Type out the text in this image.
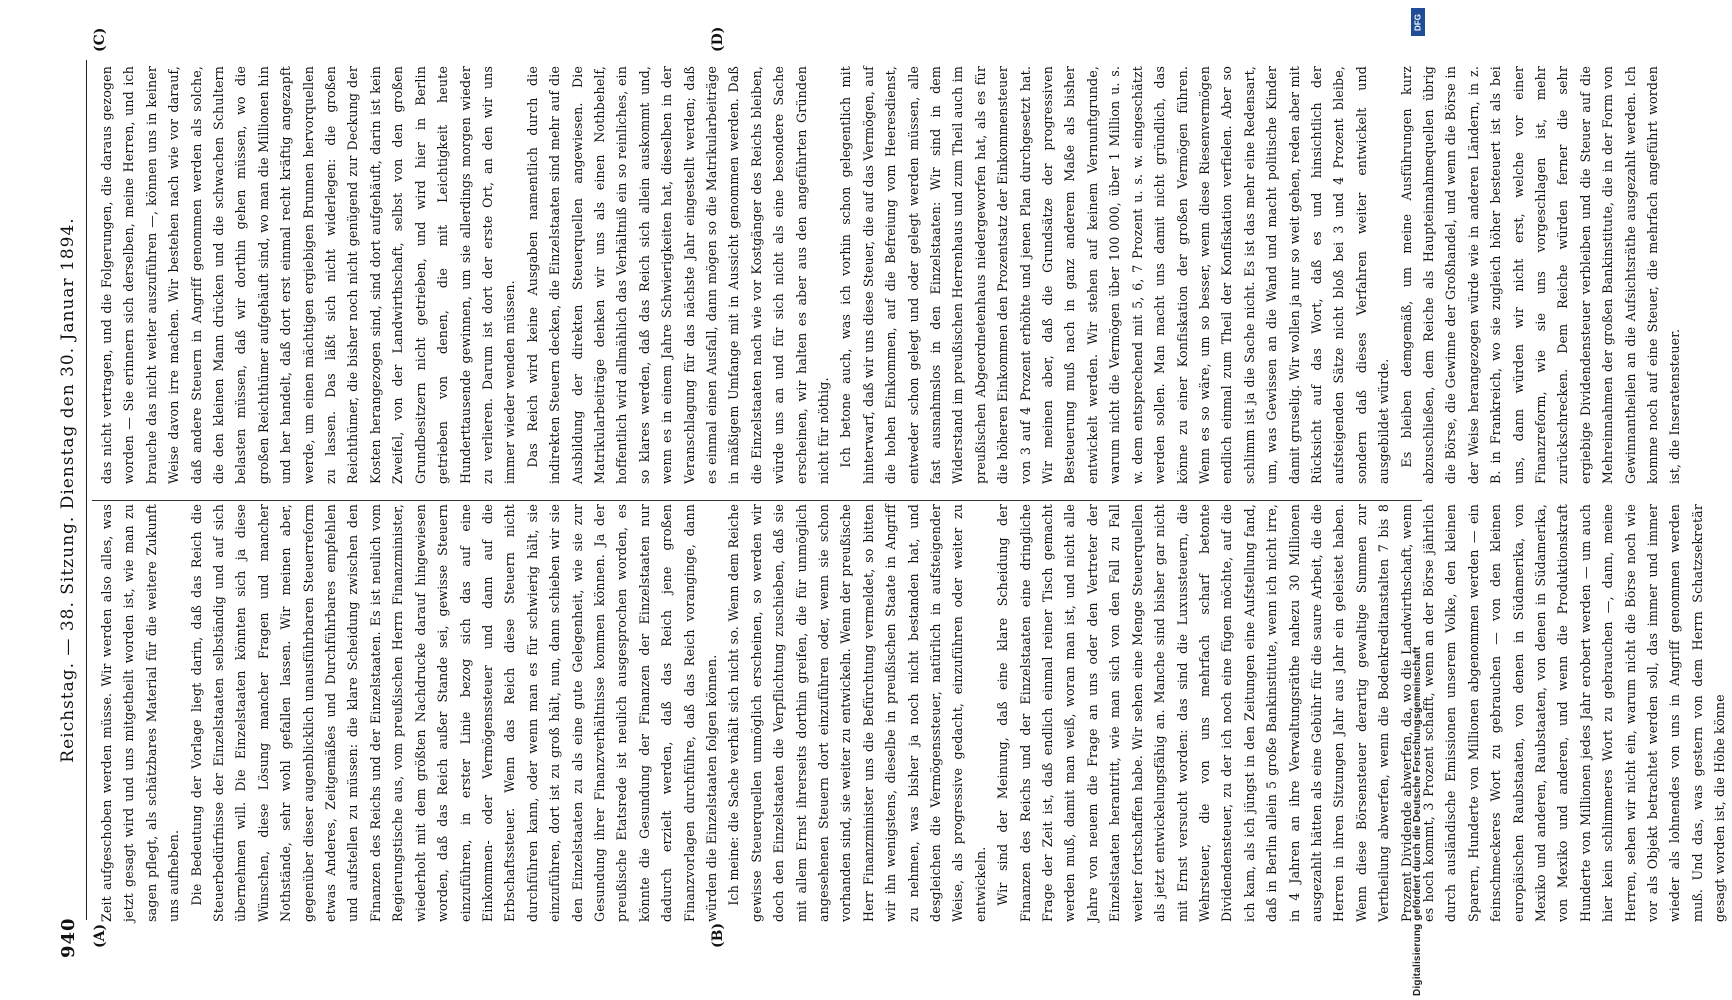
940
Reichstag. — 38. Sitzung. Dienstag den 30. Januar 1894.
(A)	(B)
(C)	(D)

Zeit aufgeschoben werden müsse. Wir werden also alles, was jetzt gesagt wird und uns mitgetheilt worden ist, wie man zu sagen pflegt, als schätzbares Material für die weitere Zukunft uns aufheben. Die Bedeutung der Vorlage liegt darin, daß das Reich die Steuerbedürfnisse der Einzelstaaten selbständig und auf sich übernehmen will. Die Einzelstaaten könnten sich ja diese Wünschen, diese Lösung mancher Fragen und mancher Nothstände, sehr wohl gefallen lassen. Wir meinen aber, gegenüber dieser augenblicklich unausführbaren Steuerreform etwas Anderes, Zeitgemäßes und Durchführbares empfehlen und aufstellen zu müssen: die klare Scheidung zwischen den Finanzen des Reichs und der Einzelstaaten. Es ist neulich vom Regierungstische aus, vom preußischen Herrn Finanzminister, wiederholt mit dem größten Nachdrucke darauf hingewiesen worden, daß das Reich außer Stande sei, gewisse Steuern einzuführen, in erster Linie bezog sich das auf eine Einkommen- oder Vermögenssteuer und dann auf die Erbschaftssteuer. Wenn das Reich diese Steuern nicht durchführen kann, oder wenn man es für schwierig hält, sie einzuführen, dort ist zu groß hält, nun, dann schieben wir sie den Einzelstaaten zu als eine gute Gelegenheit, wie sie zur Gesundung ihrer Finanzverhältnisse kommen können. Ja der preußische Etatsrede ist neulich ausgesprochen worden, es könnte die Gesundung der Finanzen der Einzelstaaten nur dadurch erzielt werden, daß das Reich jene großen Finanzvorlagen durchführe, daß das Reich voranginge, dann würden die Einzelstaaten folgen können. Ich meine: die Sache verhält sich nicht so. Wenn dem Reiche gewisse Steuerquellen unmöglich erscheinen, so werden wir doch den Einzelstaaten die Verpflichtung zuschieben, daß sie mit allem Ernst ihrerseits dorthin greifen, die für unmöglich angesehenen Steuern dort einzuführen oder, wenn sie schon vorhanden sind, sie weiter zu entwickeln. Wenn der preußische Herr Finanzminister uns die Befürchtung vermeldet, so bitten wir ihn wenigstens, dieselbe in preußischen Staate in Angriff zu nehmen, was bisher ja noch nicht bestanden hat, und desgleichen die Vermögenssteuer, natürlich in aufsteigender Weise, als progressive gedacht, einzuführen oder weiter zu entwickeln. Wir sind der Meinung, daß eine klare Scheidung der Finanzen des Reichs und der Einzelstaaten eine dringliche Frage der Zeit ist, daß endlich einmal reiner Tisch gemacht werden muß, damit man weiß, woran man ist, und nicht alle Jahre von neuem die Frage an uns oder den Vertreter der Einzelstaaten herantritt, wie man sich von den Fall zu Fall weiter fortschaffen habe. Wir sehen eine Menge Steuerquellen als jetzt entwickelungsfähig an. Manche sind bisher gar nicht mit Ernst versucht worden: das sind die Luxussteuern, die Wehrsteuer, die von uns mehrfach scharf betonte Dividendensteuer, zu der ich noch eine fügen möchte, auf die ich kam, als ich jüngst in den Zeitungen eine Aufstellung fand, daß in Berlin allein 5 große Bankinstitute, wenn ich nicht irre, in 4 Jahren an ihre Verwaltungsräthe nahezu 30 Millionen ausgezahlt hätten als eine Gebühr für die saure Arbeit, die die Herren in ihren Sitzungen Jahr aus Jahr ein geleistet haben. Wenn diese Börsensteuer derartig gewaltige Summen zur Vertheilung abwerfen, wenn die Bodenkreditanstalten 7 bis 8 Prozent Dividende abwerfen, da, wo die Landwirthschaft, wenn es hoch kommt, 3 Prozent schafft, wenn an der Börse jährlich durch ausländische Emissionen unserem Volke, den kleinen Sparern, Hunderte von Millionen abgenommen werden — ein feinschmeckeres Wort zu gebrauchen — von den kleinen europäischen Raubstaaten, von denen in Südamerika, von Mexiko und anderen, Raubstaaten, von denen in Südamerika, von Mexiko und anderen, und wenn die Produktionskraft Hunderte von Millionen jedes Jahr erobert werden — um auch hier kein schlimmeres Wort zu gebrauchen —, dann, meine Herren, sehen wir nicht ein, warum nicht die Börse noch wie vor als Objekt betrachtet werden soll, das immer und immer wieder als lohnendes von uns in Angriff genommen werden muß. Und das, was gestern von dem Herrn Schatzsekretär gesagt worden ist, die Höhe könne

das nicht vertragen, und die Folgerungen, die daraus gezogen worden — Sie erinnern sich derselben, meine Herren, und ich brauche das nicht weiter auszuführen —, können uns in keiner Weise davon irre machen. Wir bestehen nach wie vor darauf, daß andere Steuern in Angriff genommen werden als solche, die den kleinen Mann drücken und die schwachen Schultern belasten müssen, daß wir dorthin gehen müssen, wo die großen Reichthümer aufgehäuft sind, wo man die Millionen hin und her handelt, daß dort erst einmal recht kräftig angezapft werde, um einen mächtigen ergiebigen Brunnen hervorquellen zu lassen. Das läßt sich nicht widerlegen: die großen Reichthümer, die bisher noch nicht genügend zur Deckung der Kosten herangezogen sind, sind dort aufgehäuft, darin ist kein Zweifel, von der Landwirthschaft, selbst von den großen Grundbesitzern nicht getrieben, und wird hier in Berlin getrieben von denen, die mit Leichtigkeit heute Hunderttausende gewinnen, um sie allerdings morgen wieder zu verlieren. Darum ist dort der erste Ort, an den wir uns immer wieder wenden müssen. Das Reich wird keine Ausgaben namentlich durch die indirekten Steuern decken, die Einzelstaaten sind mehr auf die Ausbildung der direkten Steuerquellen angewiesen. Die Matrikularbeiträge denken wir uns als einen Nothbehelf, hoffentlich wird allmählich das Verhältniß ein so reinliches, ein so klares werden, daß das Reich sich allein auskommt und, wenn es in einem Jahre Schwierigkeiten hat, dieselben in der Veranschlagung für das nächste Jahr eingestellt werden; daß es einmal einen Ausfall, dann mögen so die Matrikularbeiträge in mäßigem Umfange mit in Aussicht genommen werden. Daß die Einzelstaaten nach wie vor Kostgänger des Reichs bleiben, würde uns an und für sich nicht als eine besondere Sache erscheinen, wir halten es aber aus den angeführten Gründen nicht für nöthig. Ich betone auch, was ich vorhin schon gelegentlich mit hinterwarf, daß wir uns diese Steuer, die auf das Vermögen, auf die hohen Einkommen, auf die Befreiung vom Heeresdienst, entweder schon gelegt und oder gelegt werden müssen, alle fast ausnahmslos in den Einzelstaaten: Wir sind in dem Widerstand im preußischen Herrenhaus und zum Theil auch im preußischen Abgeordnetenhaus niedergeworfen hat, als es für die höheren Einkommen den Prozentsatz der Einkommensteuer von 3 auf 4 Prozent erhöhte und jenen Plan durchgesetzt hat. Wir meinen aber, daß die Grundsätze der progressiven Besteuerung muß nach in ganz anderem Maße als bisher entwickelt werden. Wir stehen auf keinem Vernunftgrunde, warum nicht die Vermögen über 100 000, über 1 Million u. s. w. dem entsprechend mit 5, 6, 7 Prozent u. s. w. eingeschätzt werden sollen. Man macht uns damit nicht gründlich, das könne zu einer Konfiskation der großen Vermögen führen. Wenn es so wäre, um so besser, wenn diese Riesenvermögen endlich einmal zum Theil der Konfiskation verfielen. Aber so schlimm ist ja die Sache nicht. Es ist das mehr eine Redensart, um, was Gewissen an die Wand und macht politische Kinder damit gruselig. Wir wollen ja nur so weit gehen, reden aber mit Rücksicht auf das Wort, daß es und hinsichtlich der aufsteigenden Sätze nicht bloß bei 3 und 4 Prozent bleibe, sondern daß dieses Verfahren weiter entwickelt und ausgebildet würde. Es bleiben demgemäß, um meine Ausführungen kurz abzuschließen, dem Reiche als Haupteinnahmequellen übrig die Börse, die Gewinne der Großhandel, und wenn die Börse in der Weise herangezogen würde wie in anderen Ländern, in z. B. in Frankreich, wo sie zugleich höher besteuert ist als bei uns, dann würden wir nicht erst, welche vor einer Finanzreform, wie sie uns vorgeschlagen ist, mehr zurückschrecken. Dem Reiche würden ferner die sehr ergiebige Dividendensteuer verbleiben und die Steuer auf die Mehreinnahmen der großen Bankinstitute, die in der Form von Gewinnantheilen an die Aufsichtsräthe ausgezahlt werden. Ich komme noch auf eine Steuer, die mehrfach angeführt worden ist, die Inseratensteuer.

Digitalisierung gefördert durch die Deutsche Forschungsgemeinschaft
DFG
